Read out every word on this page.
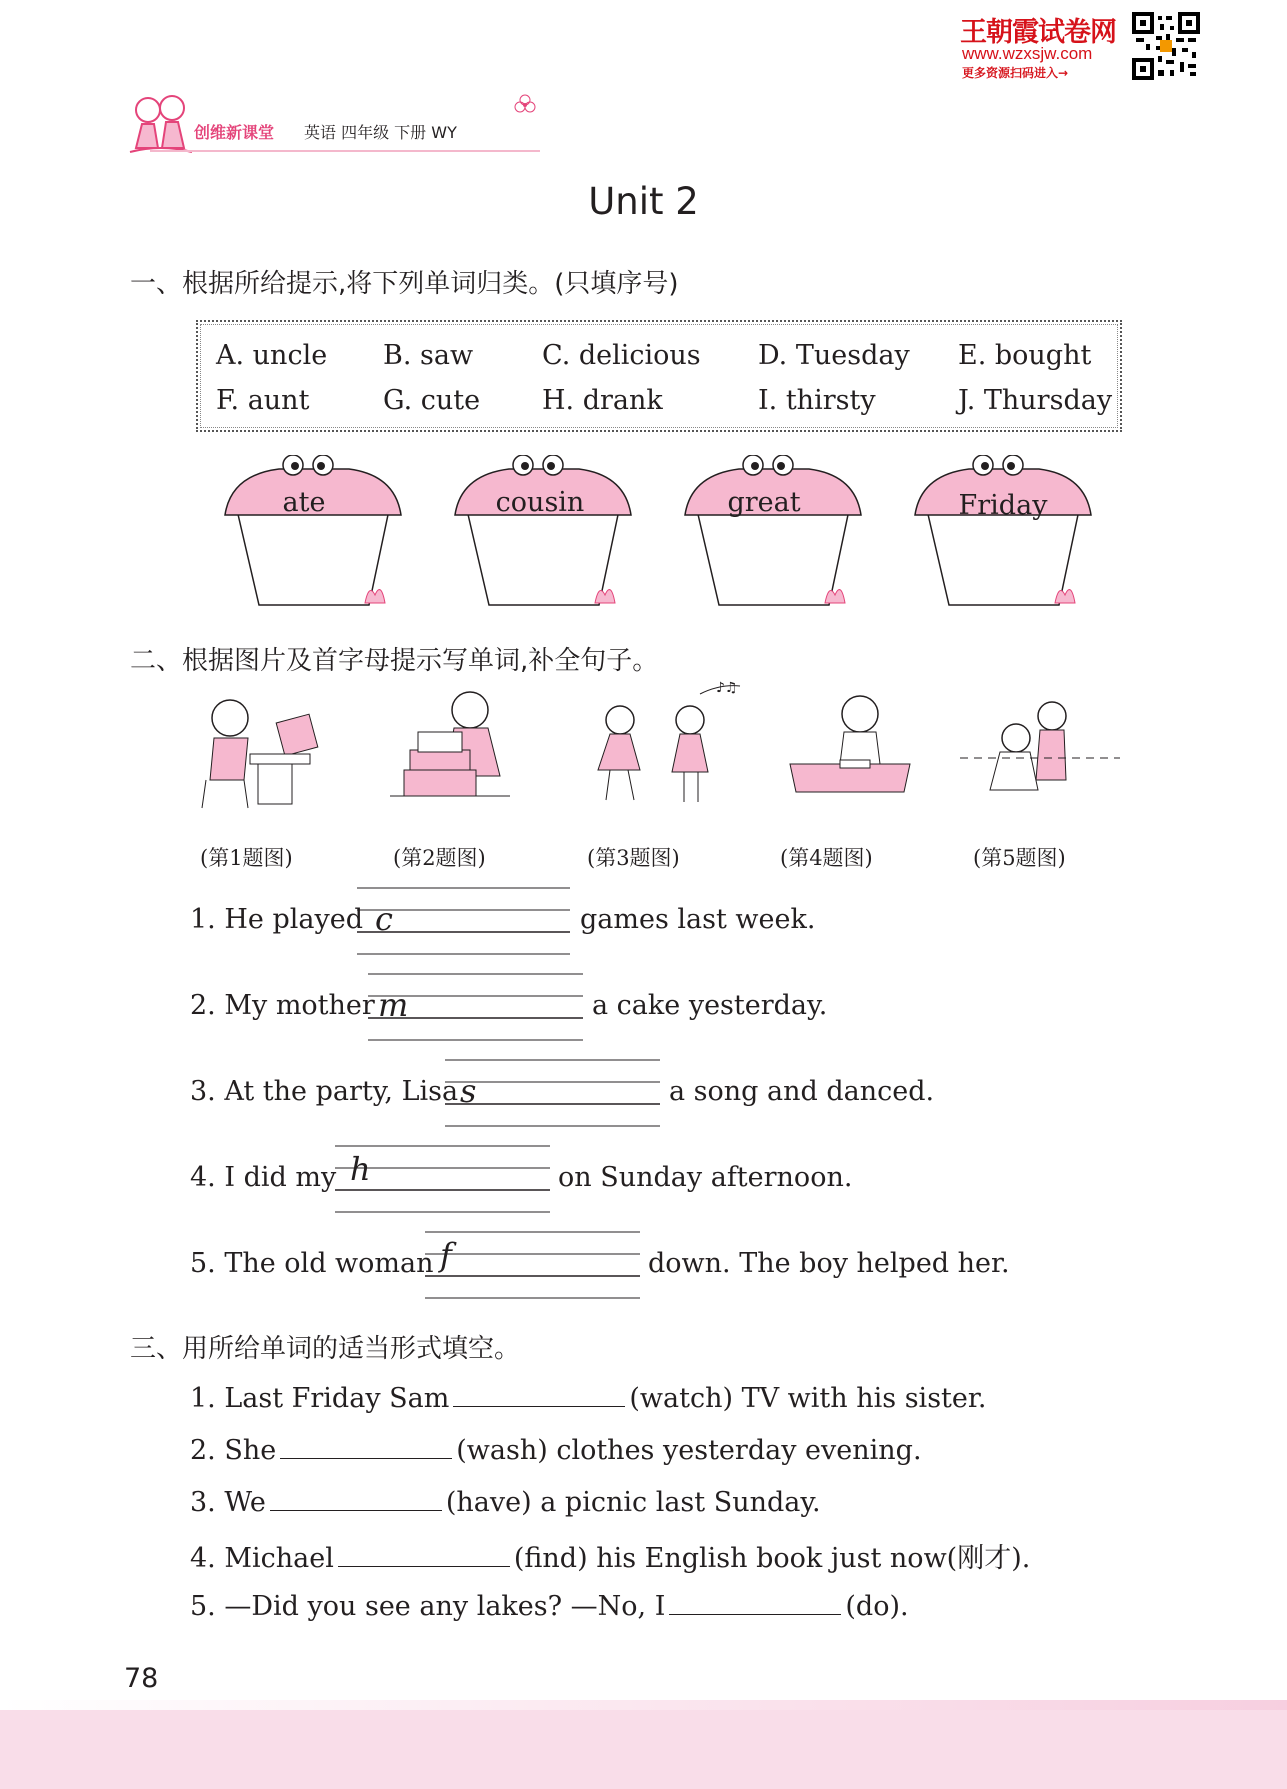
王朝霞试卷网
www.wzxsjw.com
更多资源扫码进入→
创维新课堂 英语 四年级 下册 WY
Unit 2
一、根据所给提示,将下列单词归类。(只填序号)
A. uncle B. saw	C. delicious D. Tuesday E. bought
F. aunt	G. cute H. drank	I. thirsty	J. Thursday
ate	cousin	great	Friday
二、根据图片及首字母提示写单词,补全句子。
♪♫
(第1题图)	(第2题图)	(第3题图)	(第4题图)	(第5题图)
1. He played c	games last week.
2. My mother m	a cake yesterday.
3. At the party, Lisa s	a song and danced.
4. I did my h	on Sunday afternoon.
5. The old woman f	down. The boy helped her.
三、用所给单词的适当形式填空。
1. Last Friday Sam	(watch) TV with his sister.
2. She	(wash) clothes yesterday evening.
3. We	(have) a picnic last Sunday.
4. Michael	(find) his English book just now(刚才).
5. —Did you see any lakes? —No, I	(do).
78
